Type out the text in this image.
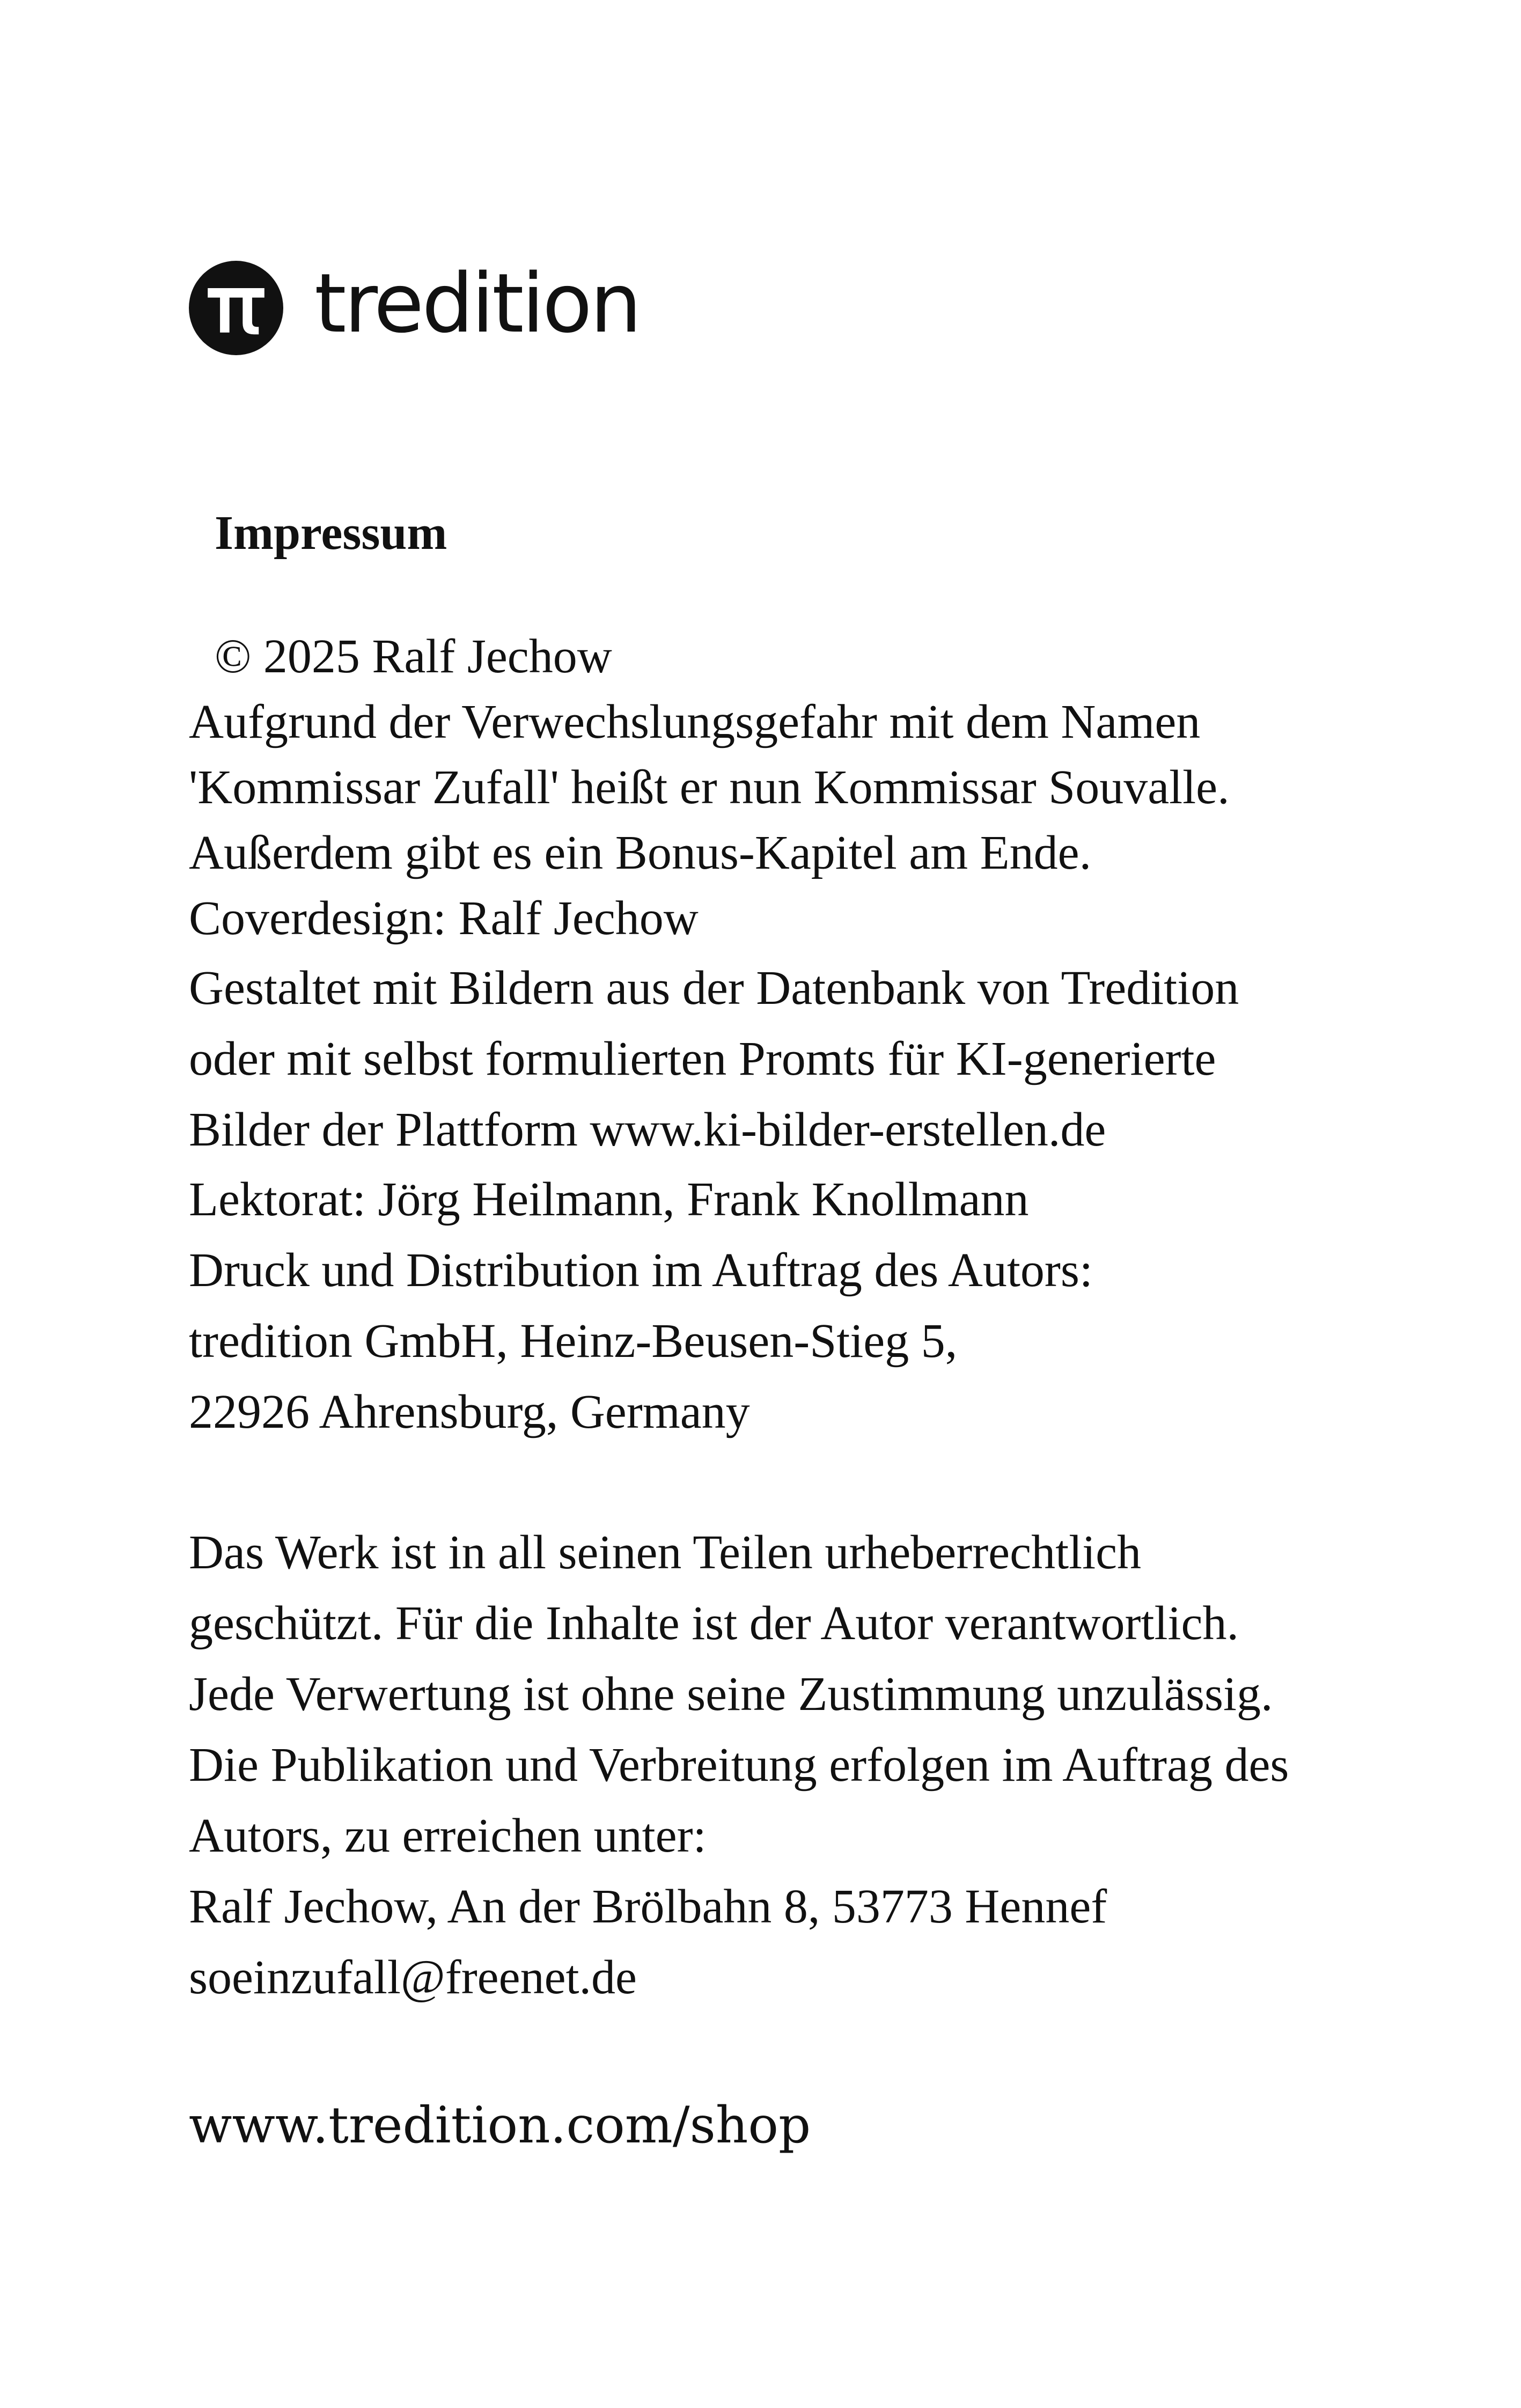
tredition

Impressum

© 2025 Ralf Jechow

Aufgrund der Verwechslungsgefahr mit dem Namen

'Kommissar Zufall' heißt er nun Kommissar Souvalle.

Außerdem gibt es ein Bonus-Kapitel am Ende.

Coverdesign: Ralf Jechow

Gestaltet mit Bildern aus der Datenbank von Tredition

oder mit selbst formulierten Promts für KI-generierte

Bilder der Plattform www.ki-bilder-erstellen.de

Lektorat: Jörg Heilmann, Frank Knollmann

Druck und Distribution im Auftrag des Autors:

tredition GmbH, Heinz-Beusen-Stieg 5,

22926 Ahrensburg, Germany

Das Werk ist in all seinen Teilen urheberrechtlich

geschützt. Für die Inhalte ist der Autor verantwortlich.

Jede Verwertung ist ohne seine Zustimmung unzulässig.

Die Publikation und Verbreitung erfolgen im Auftrag des

Autors, zu erreichen unter:

Ralf Jechow, An der Brölbahn 8, 53773 Hennef

soeinzufall@freenet.de

www.tredition.com/shop
